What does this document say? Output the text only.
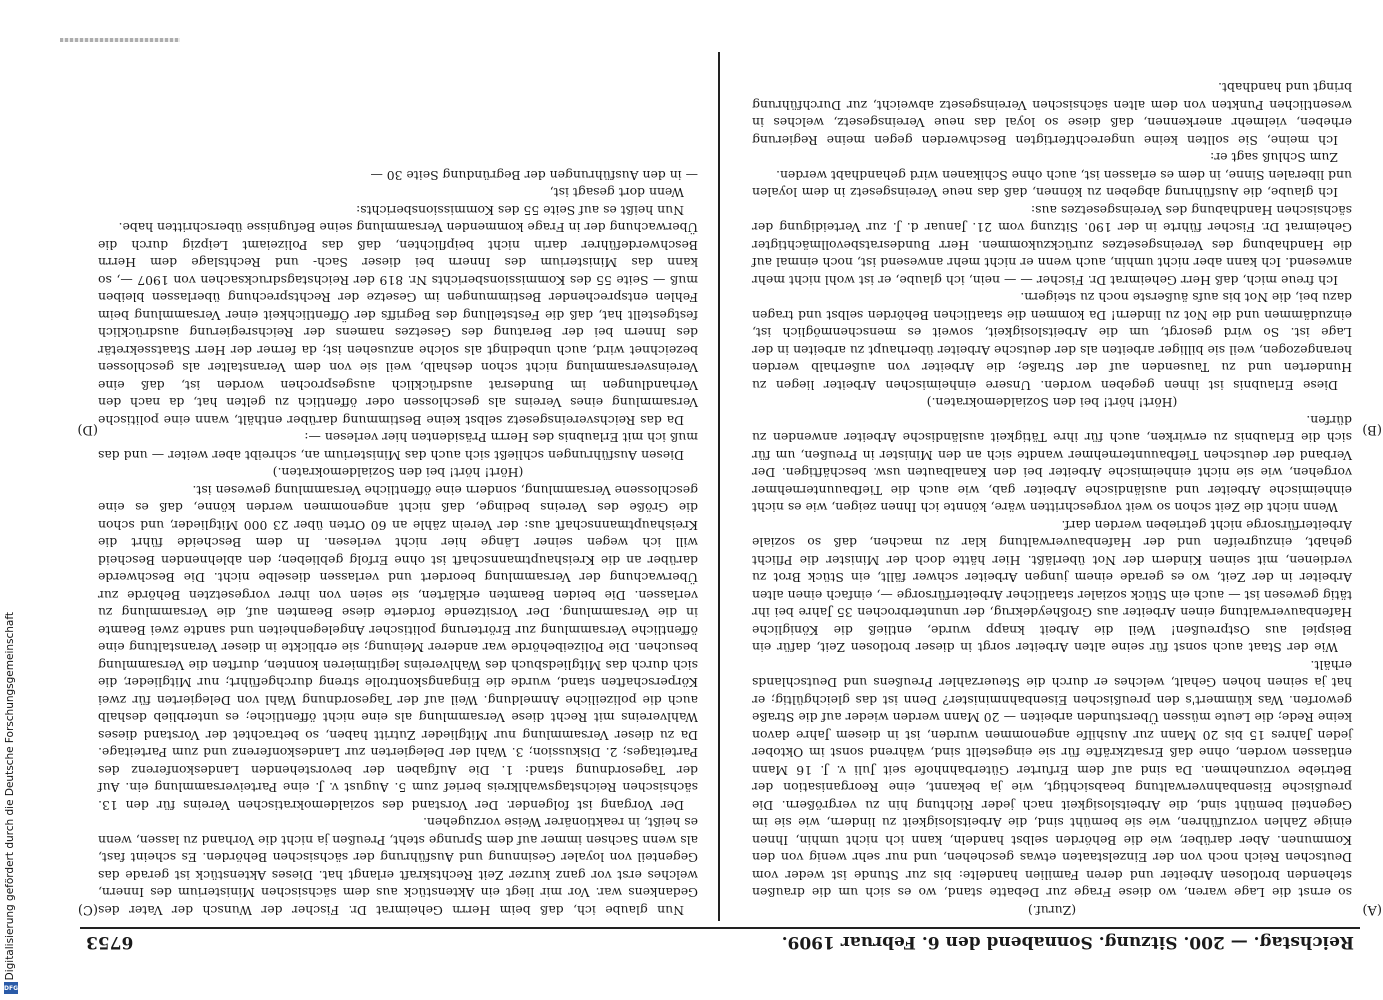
Reichstag. — 200. Sitzung. Sonnabend den 6. Februar 1909.
6753

(Zuruf.)

so ernst die Lage waren, wo diese Frage zur Debatte stand, wo es sich um die draußen stehenden brotlosen Arbeiter und deren Familien handelte: bis zur Stunde ist weder vom Deutschen Reich noch von der Einzelstaaten etwas geschehen, und nur sehr wenig von den Kommunen. Aber darüber, wie die Behörden selbst handeln, kann ich nicht umhin, Ihnen einige Zahlen vorzuführen, wie sie bemüht sind, die Arbeitslosigkeit zu lindern, wie sie im Gegenteil bemüht sind, die Arbeitslosigkeit nach jeder Richtung hin zu vergrößern. Die preußische Eisenbahnverwaltung beabsichtigt, wie ja bekannt, eine Reorganisation der Betriebe vorzunehmen. Da sind auf dem Erfurter Güterbahnhofe seit Juli v. J. 16 Mann entlassen worden, ohne daß Ersatzkräfte für sie eingestellt sind, während sonst im Oktober jeden Jahres 15 bis 20 Mann zur Aushilfe angenommen wurden, ist in diesem Jahre davon keine Rede; die Leute müssen Überstunden arbeiten — 20 Mann werden wieder auf die Straße geworfen. Was kümmert's den preußischen Eisenbahnminister? Denn ist das gleichgültig; er hat ja seinen hohen Gehalt, welches er durch die Steuerzahler Preußens und Deutschlands erhält.

Wie der Staat auch sonst für seine alten Arbeiter sorgt in dieser brotlosen Zeit, dafür ein Beispiel aus Ostpreußen! Weil die Arbeit knapp wurde, entließ die Königliche Hafenbauverwaltung einen Arbeiter aus Großheydekrug, der ununterbrochen 35 Jahre bei ihr tätig gewesen ist — auch ein Stück sozialer staatlicher Arbeiterfürsorge —, einfach einen alten Arbeiter in der Zeit, wo es gerade einem jungen Arbeiter schwer fällt, ein Stück Brot zu verdienen, mit seinen Kindern der Not überläßt. Hier hätte doch der Minister die Pflicht gehabt, einzugreifen und der Hafenbauverwaltung klar zu machen, daß so soziale Arbeiterfürsorge nicht getrieben werden darf.

Wenn nicht die Zeit schon so weit vorgeschritten wäre, könnte ich Ihnen zeigen, wie es nicht einheimische Arbeiter und ausländische Arbeiter gab, wie auch die Tiefbauunternehmer vorgehen, wie sie nicht einheimische Arbeiter bei den Kanalbauten usw. beschäftigen. Der Verband der deutschen Tiefbauunternehmer wandte sich an den Minister in Preußen, um für sich die Erlaubnis zu erwirken, auch für ihre Tätigkeit ausländische Arbeiter anwenden zu dürfen.

(Hört! hört! bei den Sozialdemokraten.)

Diese Erlaubnis ist ihnen gegeben worden. Unsere einheimischen Arbeiter liegen zu Hunderten und zu Tausenden auf der Straße; die Arbeiter von außerhalb werden herangezogen, weil sie billiger arbeiten als der deutsche Arbeiter überhaupt zu arbeiten in der Lage ist. So wird gesorgt, um die Arbeitslosigkeit, soweit es menschenmöglich ist, einzudämmen und die Not zu lindern! Da kommen die staatlichen Behörden selbst und tragen dazu bei, die Not bis aufs äußerste noch zu steigern.

Ich freue mich, daß Herr Geheimrat Dr. Fischer — — nein, ich glaube, er ist wohl nicht mehr anwesend. Ich kann aber nicht umhin, auch wenn er nicht mehr anwesend ist, noch einmal auf die Handhabung des Vereinsgesetzes zurückzukommen. Herr Bundesratsbevollmächtigter Geheimrat Dr. Fischer führte in der 190. Sitzung vom 21. Januar d. J. zur Verteidigung der sächsischen Handhabung des Vereinsgesetzes aus:

Ich glaube, die Ausführung abgeben zu können, daß das neue Vereinsgesetz in dem loyalen und liberalen Sinne, in dem es erlassen ist, auch ohne Schikanen wird gehandhabt werden.

Zum Schluß sagt er:

Ich meine, Sie sollten keine ungerechtfertigten Beschwerden gegen meine Regierung erheben, vielmehr anerkennen, daß diese so loyal das neue Vereinsgesetz, welches in wesentlichen Punkten von dem alten sächsischen Vereinsgesetz abweicht, zur Durchführung bringt und handhabt.

Nun glaube ich, daß beim Herrn Geheimrat Dr. Fischer der Wunsch der Vater des Gedankens war. Vor mir liegt ein Aktenstück aus dem sächsischen Ministerium des Innern, welches erst vor ganz kurzer Zeit Rechtskraft erlangt hat. Dieses Aktenstück ist gerade das Gegenteil von loyaler Gesinnung und Ausführung der sächsischen Behörden. Es scheint fast, als wenn Sachsen immer auf dem Sprunge steht, Preußen ja nicht die Vorhand zu lassen, wenn es heißt, in reaktionärer Weise vorzugehen.

Der Vorgang ist folgender. Der Vorstand des sozialdemokratischen Vereins für den 13. sächsischen Reichstagswahlkreis berief zum 5. August v. J. eine Parteiversammlung ein. Auf der Tagesordnung stand: 1. Die Aufgaben der bevorstehenden Landeskonferenz des Parteitages; 2. Diskussion; 3. Wahl der Delegierten zur Landeskonferenz und zum Parteitage. Da zu dieser Versammlung nur Mitglieder Zutritt haben, so betrachtet der Vorstand dieses Wahlvereins mit Recht diese Versammlung als eine nicht öffentliche; es unterblieb deshalb auch die polizeiliche Anmeldung. Weil auf der Tagesordnung Wahl von Delegierten für zwei Körperschaften stand, wurde die Eingangskontrolle streng durchgeführt; nur Mitglieder, die sich durch das Mitgliedsbuch des Wahlvereins legitimieren konnten, durften die Versammlung besuchen. Die Polizeibehörde war anderer Meinung; sie erblickte in dieser Veranstaltung eine öffentliche Versammlung zur Erörterung politischer Angelegenheiten und sandte zwei Beamte in die Versammlung. Der Vorsitzende forderte diese Beamten auf, die Versammlung zu verlassen. Die beiden Beamten erklärten, sie seien von ihrer vorgesetzten Behörde zur Überwachung der Versammlung beordert und verlassen dieselbe nicht. Die Beschwerde darüber an die Kreishauptmannschaft ist ohne Erfolg geblieben; den ablehnenden Bescheid will ich wegen seiner Länge hier nicht verlesen. In dem Bescheide führt die Kreishauptmannschaft aus: der Verein zähle an 60 Orten über 23 000 Mitglieder, und schon die Größe des Vereins bedinge, daß nicht angenommen werden könne, daß es eine geschlossene Versammlung, sondern eine öffentliche Versammlung gewesen ist.

(Hört! hört! bei den Sozialdemokraten.)

Diesen Ausführungen schließt sich auch das Ministerium an, schreibt aber weiter — und das muß ich mit Erlaubnis des Herrn Präsidenten hier verlesen —:

Da das Reichsvereinsgesetz selbst keine Bestimmung darüber enthält, wann eine politische Versammlung eines Vereins als geschlossen oder öffentlich zu gelten hat, da nach den Verhandlungen im Bundesrat ausdrücklich ausgesprochen worden ist, daß eine Vereinsversammlung nicht schon deshalb, weil sie von dem Veranstalter als geschlossen bezeichnet wird, auch unbedingt als solche anzusehen ist; da ferner der Herr Staatssekretär des Innern bei der Beratung des Gesetzes namens der Reichsregierung ausdrücklich festgestellt hat, daß die Feststellung des Begriffs der Öffentlichkeit einer Versammlung beim Fehlen entsprechender Bestimmungen im Gesetze der Rechtsprechung überlassen bleiben muß — Seite 55 des Kommissionsberichts Nr. 819 der Reichstagsdrucksachen von 1907 —, so kann das Ministerium des Innern bei dieser Sach- und Rechtslage dem Herrn Beschwerdeführer darin nicht beipflichten, daß das Polizeiamt Leipzig durch die Überwachung der in Frage kommenden Versammlung seine Befugnisse überschritten habe.

Nun heißt es auf Seite 55 des Kommissionsberichts:

Wenn dort gesagt ist,

— in den Ausführungen der Begründung Seite 30 —

(A)
(B)
(C)
(D)
Digitalisierung gefördert durch die Deutsche Forschungsgemeinschaft
DFG
